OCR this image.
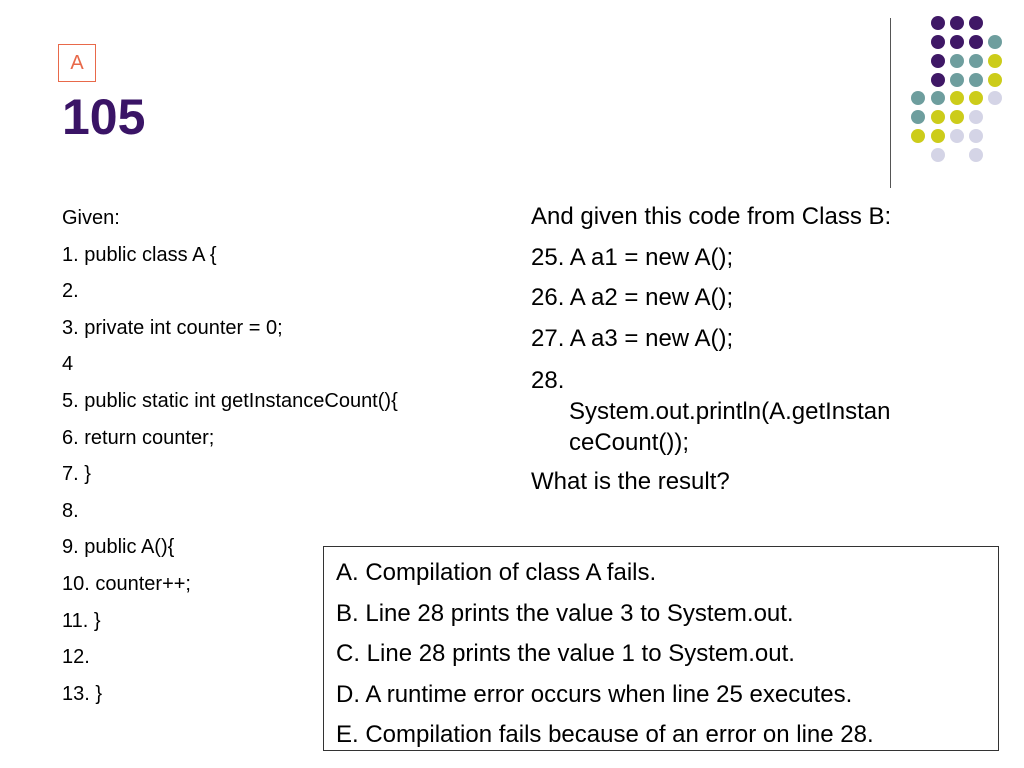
A
105
Given:
1. public class A {
2.
3. private int counter = 0;
4
5. public static int getInstanceCount(){
6. return counter;
7. }
8.
9. public A(){
10. counter++;
11. }
12.
13. }
And given this code from Class B:
25. A a1 = new A();
26. A a2 = new A();
27. A a3 = new A();
28.
System.out.println(A.getInstan
ceCount());
What is the result?
A. Compilation of class A fails.
B. Line 28 prints the value 3 to System.out.
C. Line 28 prints the value 1 to System.out.
D. A runtime error occurs when line 25 executes.
E. Compilation fails because of an error on line 28.
